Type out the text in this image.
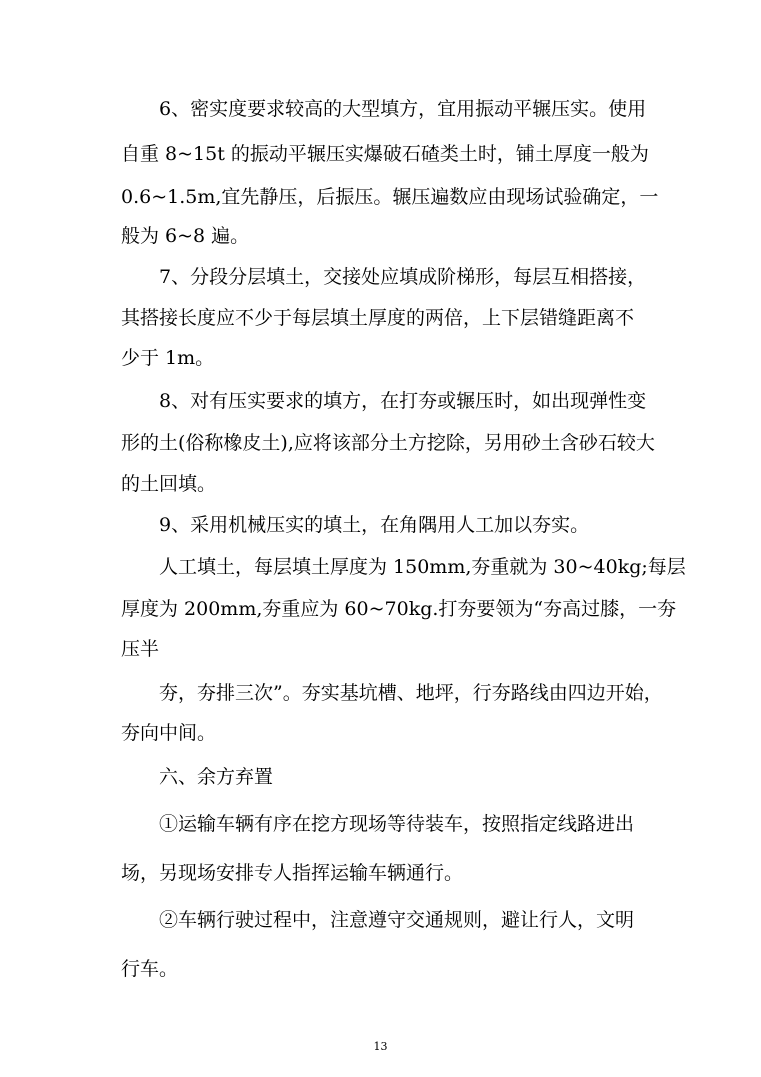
6、密实度要求较高的大型填方，宜用振动平辗压实。使用

自重 8~15t 的振动平辗压实爆破石碴类土时，铺土厚度一般为

0.6~1.5m,宜先静压，后振压。辗压遍数应由现场试验确定，一

般为 6~8 遍。

7、分段分层填土，交接处应填成阶梯形，每层互相搭接，

其搭接长度应不少于每层填土厚度的两倍，上下层错缝距离不

少于 1m。

8、对有压实要求的填方，在打夯或辗压时，如出现弹性变

形的土(俗称橡皮土),应将该部分土方挖除，另用砂土含砂石较大

的土回填。

9、采用机械压实的填土，在角隅用人工加以夯实。

人工填土，每层填土厚度为 150mm,夯重就为 30~40kg;每层

厚度为 200mm,夯重应为 60~70kg.打夯要领为“夯高过膝，一夯

压半

夯，夯排三次”。夯实基坑槽、地坪，行夯路线由四边开始，

夯向中间。

六、余方弃置

①运输车辆有序在挖方现场等待装车，按照指定线路进出

场，另现场安排专人指挥运输车辆通行。

②车辆行驶过程中，注意遵守交通规则，避让行人，文明

行车。

13
